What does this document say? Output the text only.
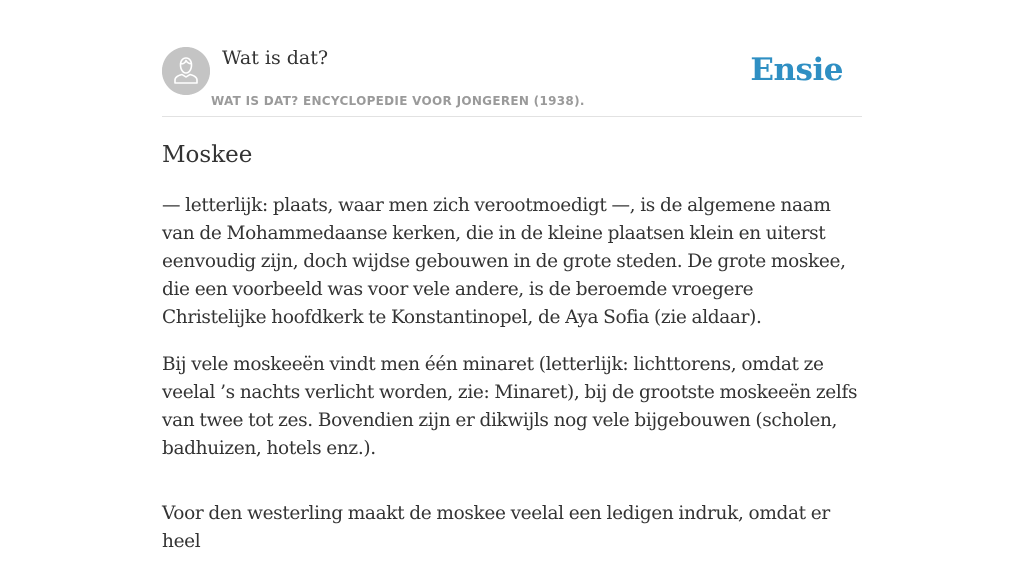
Wat is dat?
WAT IS DAT? ENCYCLOPEDIE VOOR JONGEREN (1938).
Ensie
Moskee

— letterlijk: plaats, waar men zich verootmoedigt —, is de algemene naam van de Mohammedaanse kerken, die in de kleine plaatsen klein en uiterst eenvoudig zijn, doch wijdse gebouwen in de grote steden. De grote moskee, die een voorbeeld was voor vele andere, is de beroemde vroegere Christelijke hoofdkerk te Konstantinopel, de Aya Sofia (zie aldaar).

Bij vele moskeeën vindt men één minaret (letterlijk: lichttorens, omdat ze veelal ’s nachts verlicht worden, zie: Minaret), bij de grootste moskeeën zelfs van twee tot zes. Bovendien zijn er dikwijls nog vele bijgebouwen (scholen, badhuizen, hotels enz.).

Voor den westerling maakt de moskee veelal een ledigen indruk, omdat er heel
